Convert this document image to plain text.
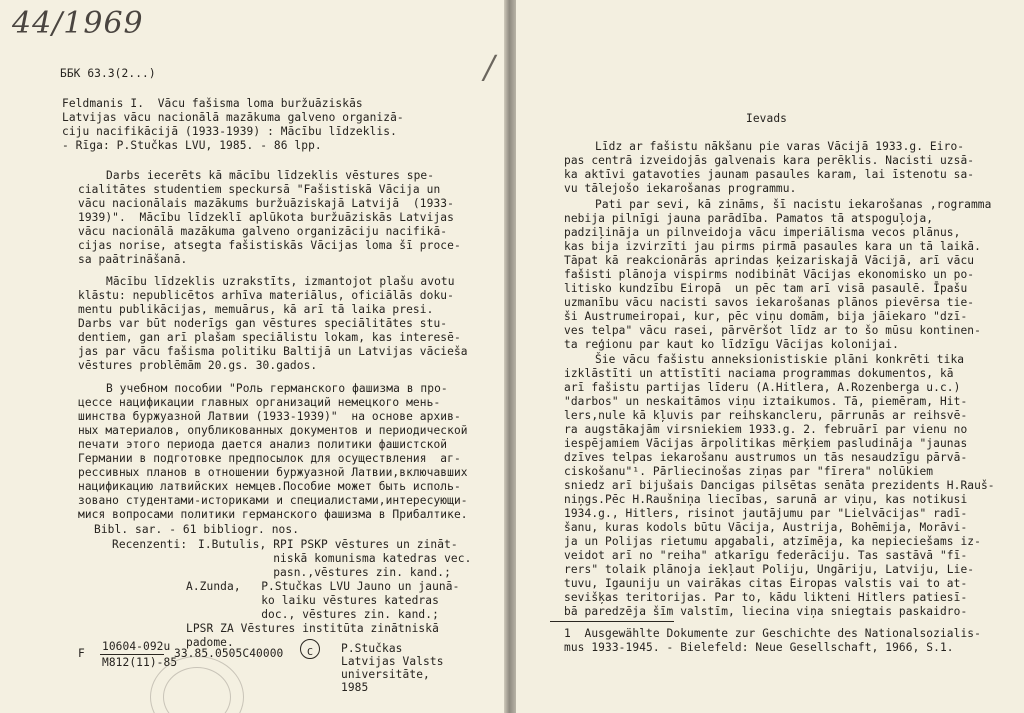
44/1969
/
ББК 63.3(2...)
Feldmanis I.  Vācu fašisma loma buržuāziskās
Latvijas vācu nacionālā mazākuma galveno organizā-
ciju nacifikācijā (1933-1939) : Mācību līdzeklis.
- Rīga: P.Stučkas LVU, 1985. - 86 lpp.
Darbs iecerēts kā mācību līdzeklis vēstures spe-
cialitātes studentiem speckursā "Fašistiskā Vācija un
vācu nacionālais mazākums buržuāziskajā Latvijā  (1933-
1939)".  Mācību līdzeklī aplūkota buržuāziskās Latvijas
vācu nacionālā mazākuma galveno organizāciju nacifikā-
cijas norise, atsegta fašistiskās Vācijas loma šī proce-
sa paātrināšanā.
Mācību līdzeklis uzrakstīts, izmantojot plašu avotu
klāstu: nepublicētos arhīva materiālus, oficiālās doku-
mentu publikācijas, memuārus, kā arī tā laika presi.
Darbs var būt noderīgs gan vēstures speciālitātes stu-
dentiem, gan arī plašam speciālistu lokam, kas interesē-
jas par vācu fašisma politiku Baltijā un Latvijas vācieša
vēstures problēmām 20.gs. 30.gados.
В учебном пособии "Роль германского фашизма в про-
цессе нацификации главных организаций немецкого мень-
шинства буржуазной Латвии (1933-1939)"  на основе архив-
ных материалов, опубликованных документов и периодической
печати этого периода дается анализ политики фашистской
Германии в подготовке предпосылок для осуществления  аг-
рессивных планов в отношении буржуазной Латвии,включавших
нацификацию латвийских немцев.Пособие может быть исполь-
зовано студентами-историками и специалистами,интересующи-
мися вопросами политики германского фашизма в Прибалтике.
Bibl. sar. - 61 bibliogr. nos.
Recenzenti: I.Butulis, RPI PSKP vēstures un zināt-
niskā komunisma katedras vec.
pasn.,vēstures zin. kand.;
A.Zunda,   P.Stučkas LVU Jauno un jaunā-
ko laiku vēstures katedras
doc., vēstures zin. kand.;
LPSR ZA Vēstures institūta zinātniskā
padome.
F
10604-092u
M812(11)-85
33.85.0505С40000	C	P.Stučkas
Latvijas Valsts
universitāte,
1985
Ievads
Līdz ar fašistu nākšanu pie varas Vācijā 1933.g. Eiro-
pas centrā izveidojās galvenais kara perēklis. Nacisti uzsā-
ka aktīvi gatavoties jaunam pasaules karam, lai īstenotu sa-
vu tālejošo iekarošanas programmu.
Pati par sevi, kā zināms, šī nacistu iekarošanas ,rogramma
nebija pilnīgi jauna parādība. Pamatos tā atspoguļoja,
padziļināja un pilnveidoja vācu imperiālisma vecos plānus,
kas bija izvirzīti jau pirms pirmā pasaules kara un tā laikā.
Tāpat kā reakcionārās aprindas ķeizariskajā Vācijā, arī vācu
fašisti plānoja vispirms nodibināt Vācijas ekonomisko un po-
litisko kundzību Eiropā  un pēc tam arī visā pasaulē. Īpašu
uzmanību vācu nacisti savos iekarošanas plānos pievērsa tie-
ši Austrumeiropai, kur, pēc viņu domām, bija jāiekaro "dzī-
ves telpa" vācu rasei, pārvēršot līdz ar to šo mūsu kontinen-
ta reģionu par kaut ko līdzīgu Vācijas kolonijai.
Šie vācu fašistu anneksionistiskie plāni konkrēti tika
izklāstīti un attīstīti naciama programmas dokumentos, kā
arī fašistu partijas līderu (A.Hitlera, A.Rozenberga u.c.)
"darbos" un neskaitāmos viņu iztaikumos. Tā, piemēram, Hit-
lers,nule kā kļuvis par reihskancleru, pārrunās ar reihsvē-
ra augstākajām virsniekiem 1933.g. 2. februārī par vienu no
iespējamiem Vācijas ārpolitikas mērķiem pasludināja "jaunas
dzīves telpas iekarošanu austrumos un tās nesaudzīgu pārvā-
ciskošanu"¹. Pārliecinošas ziņas par "fīrera" nolūkiem
sniedz arī bijušais Dancigas pilsētas senāta prezidents H.Rauš-
niņgs.Pēc H.Raušniņa liecības, sarunā ar viņu, kas notikusi
1934.g., Hitlers, risinot jautājumu par "Lielvācijas" radī-
šanu, kuras kodols būtu Vācija, Austrija, Bohēmija, Morāvi-
ja un Polijas rietumu apgabali, atzīmēja, ka nepieciešams iz-
veidot arī no "reiha" atkarīgu federāciju. Tas sastāvā "fī-
rers" tolaik plānoja iekļaut Poliju, Ungāriju, Latviju, Lie-
tuvu, Igauniju un vairākas citas Eiropas valstis vai to at-
sevišķas teritorijas. Par to, kādu likteni Hitlers patiesī-
bā paredzēja šīm valstīm, liecina viņa sniegtais paskaidro-
1  Ausgewählte Dokumente zur Geschichte des Nationalsozialis-
mus 1933-1945. - Bielefeld: Neue Gesellschaft, 1966, S.1.
